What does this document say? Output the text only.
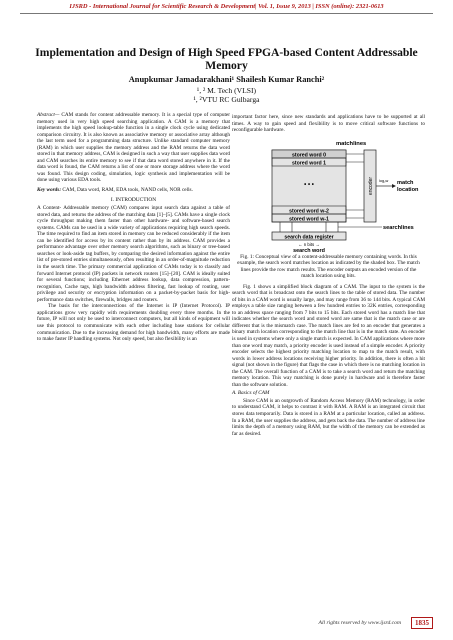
IJSRD - International Journal for Scientific Research & Development| Vol. 1, Issue 9, 2013 | ISSN (online): 2321-0613
Implementation and Design of High Speed FPGA-based Content Addressable Memory
Anupkumar Jamadarakhani¹ Shailesh Kumar Ranchi²
¹, ² M. Tech (VLSI)
¹, ²VTU RC Gulbarga

Abstract— CAM stands for content addressable memory. It is a special type of computer memory used in very high speed searching application. A CAM is a memory that implements the high speed lookup-table function in a single clock cycle using dedicated comparison circuitry. It is also known as associative memory or associative array although the last term used for a programming data structure. Unlike standard computer memory (RAM) in which user supplies the memory address and the RAM returns the data word stored in that memory address, CAM is designed in such a way that user supplies data word and CAM searches its entire memory to see if that data word stored anywhere in it. If the data word is found, the CAM returns a list of one or more storage address where the word was found. This design coding, simulation, logic synthesis and implementation will be done using various EDA tools.

Key words: CAM, Data word, RAM, EDA tools, NAND cells, NOR cells.

I. INTRODUCTION

A Content- Addressable memory (CAM) compares input search data against a table of stored data, and returns the address of the matching data [1]–[5]. CAMs have a single clock cycle throughput making them faster than other hardware- and software-based search systems. CAMs can be used in a wide variety of applications requiring high search speeds. The time required to find an item stored in memory can be reduced considerably if the item can be identified for access by its content rather than by its address. CAM provides a performance advantage over other memory search algorithms, such as binary or tree-based searches or look-aside tag buffers, by comparing the desired information against the entire list of pre-stored entries simultaneously, often resulting in an order-of-magnitude reduction in the search time. The primary commercial application of CAMs today is to classify and forward Internet protocol (IP) packets in network routers [15]–[20]. CAM is ideally suited for several functions; including Ethernet address lookup, data compression, pattern-recognition, Cache tags, high bandwidth address filtering, fast lookup of routing, user privilege and security or encryption information on a packet-by-packet basis for high-performance data switches, firewalls, bridges and routers.

The basis for the interconnections of the Internet is IP (Internet Protocol). IP applications grow very rapidly with requirements doubling every three months. In the future, IP will not only be used to interconnect computers, but all kinds of equipment will use this protocol to communicate with each other including base stations for cellular communication. Due to the increasing demand for high bandwidth, many efforts are made to make faster IP handling systems. Not only speed, but also flexibility is an

important factor here, since new standards and applications have to be supported at all times. A way to gain speed and flexibility is to move critical software functions to reconfigurable hardware.

matchlines
stored word 0
stored word 1
• • •
stored word w-2
stored word w-1
encoder log₂w match
location
searchlines
search data register
← n bits →
search word

Fig. 1: Conceptual view of a content-addressable memory containing words. In this example, the search word matches location as indicated by the shaded box. The match lines provide the row match results. The encoder outputs an encoded version of the match location using bits.

Fig. 1 shows a simplified block diagram of a CAM. The input to the system is the search word that is broadcast onto the search lines to the table of stored data. The number of bits in a CAM word is usually large, and may range from 36 to 144 bits. A typical CAM employs a table size ranging between a few hundred entries to 32K entries, corresponding to an address space ranging from 7 bits to 15 bits. Each stored word has a match line that indicates whether the search word and stored word are same that is the match case or are different that is the mismatch case. The match lines are fed to an encoder that generates a binary match location corresponding to the match line that is in the match state. An encoder is used in systems where only a single match is expected. In CAM applications where more than one word may match, a priority encoder is used instead of a simple encoder. A priority encoder selects the highest priority matching location to map to the match result, with words in lower address locations receiving higher priority. In addition, there is often a hit signal (not shown in the figure) that flags the case in which there is no matching location in the CAM. The overall function of a CAM is to take a search word and return the matching memory location. This way matching is done purely in hardware and is therefore faster than the software solution.

A. Basics of CAM

Since CAM is an outgrowth of Random Access Memory (RAM) technology, in order to understand CAM, it helps to contrast it with RAM. A RAM is an integrated circuit that stores data temporarily. Data is stored in a RAM at a particular location, called an address. In a RAM, the user supplies the address, and gets back the data. The number of address line limits the depth of a memory using RAM, but the width of the memory can be extended as far as desired.

All rights reserved by www.ijsrd.com	1835
